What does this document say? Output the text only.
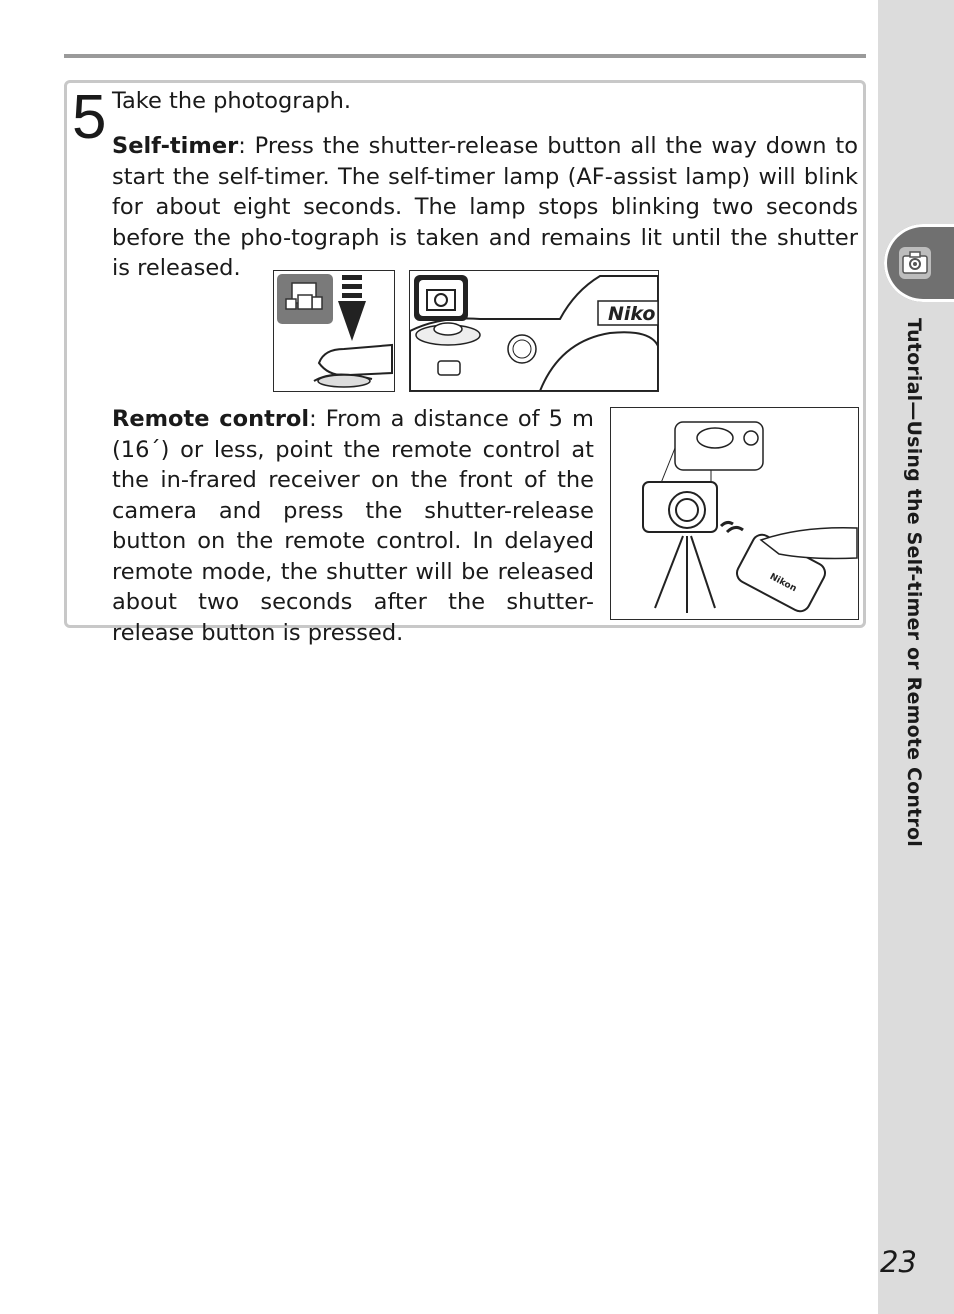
Tutorial—Using the Self-timer or Remote Control
23
5 Take the photograph.
Self-timer: Press the shutter-release button all the way down to start the self-timer. The self-timer lamp (AF-assist lamp) will blink for about eight seconds. The lamp stops blinking two seconds before the pho-tograph is taken and remains lit until the shutter is released.
Niko
Remote control: From a distance of 5 m (16´) or less, point the remote control at the in-frared receiver on the front of the camera and press the shutter-release button on the remote control. In delayed remote mode, the shutter will be released about two seconds after the shutter-release button is pressed.
Nikon
